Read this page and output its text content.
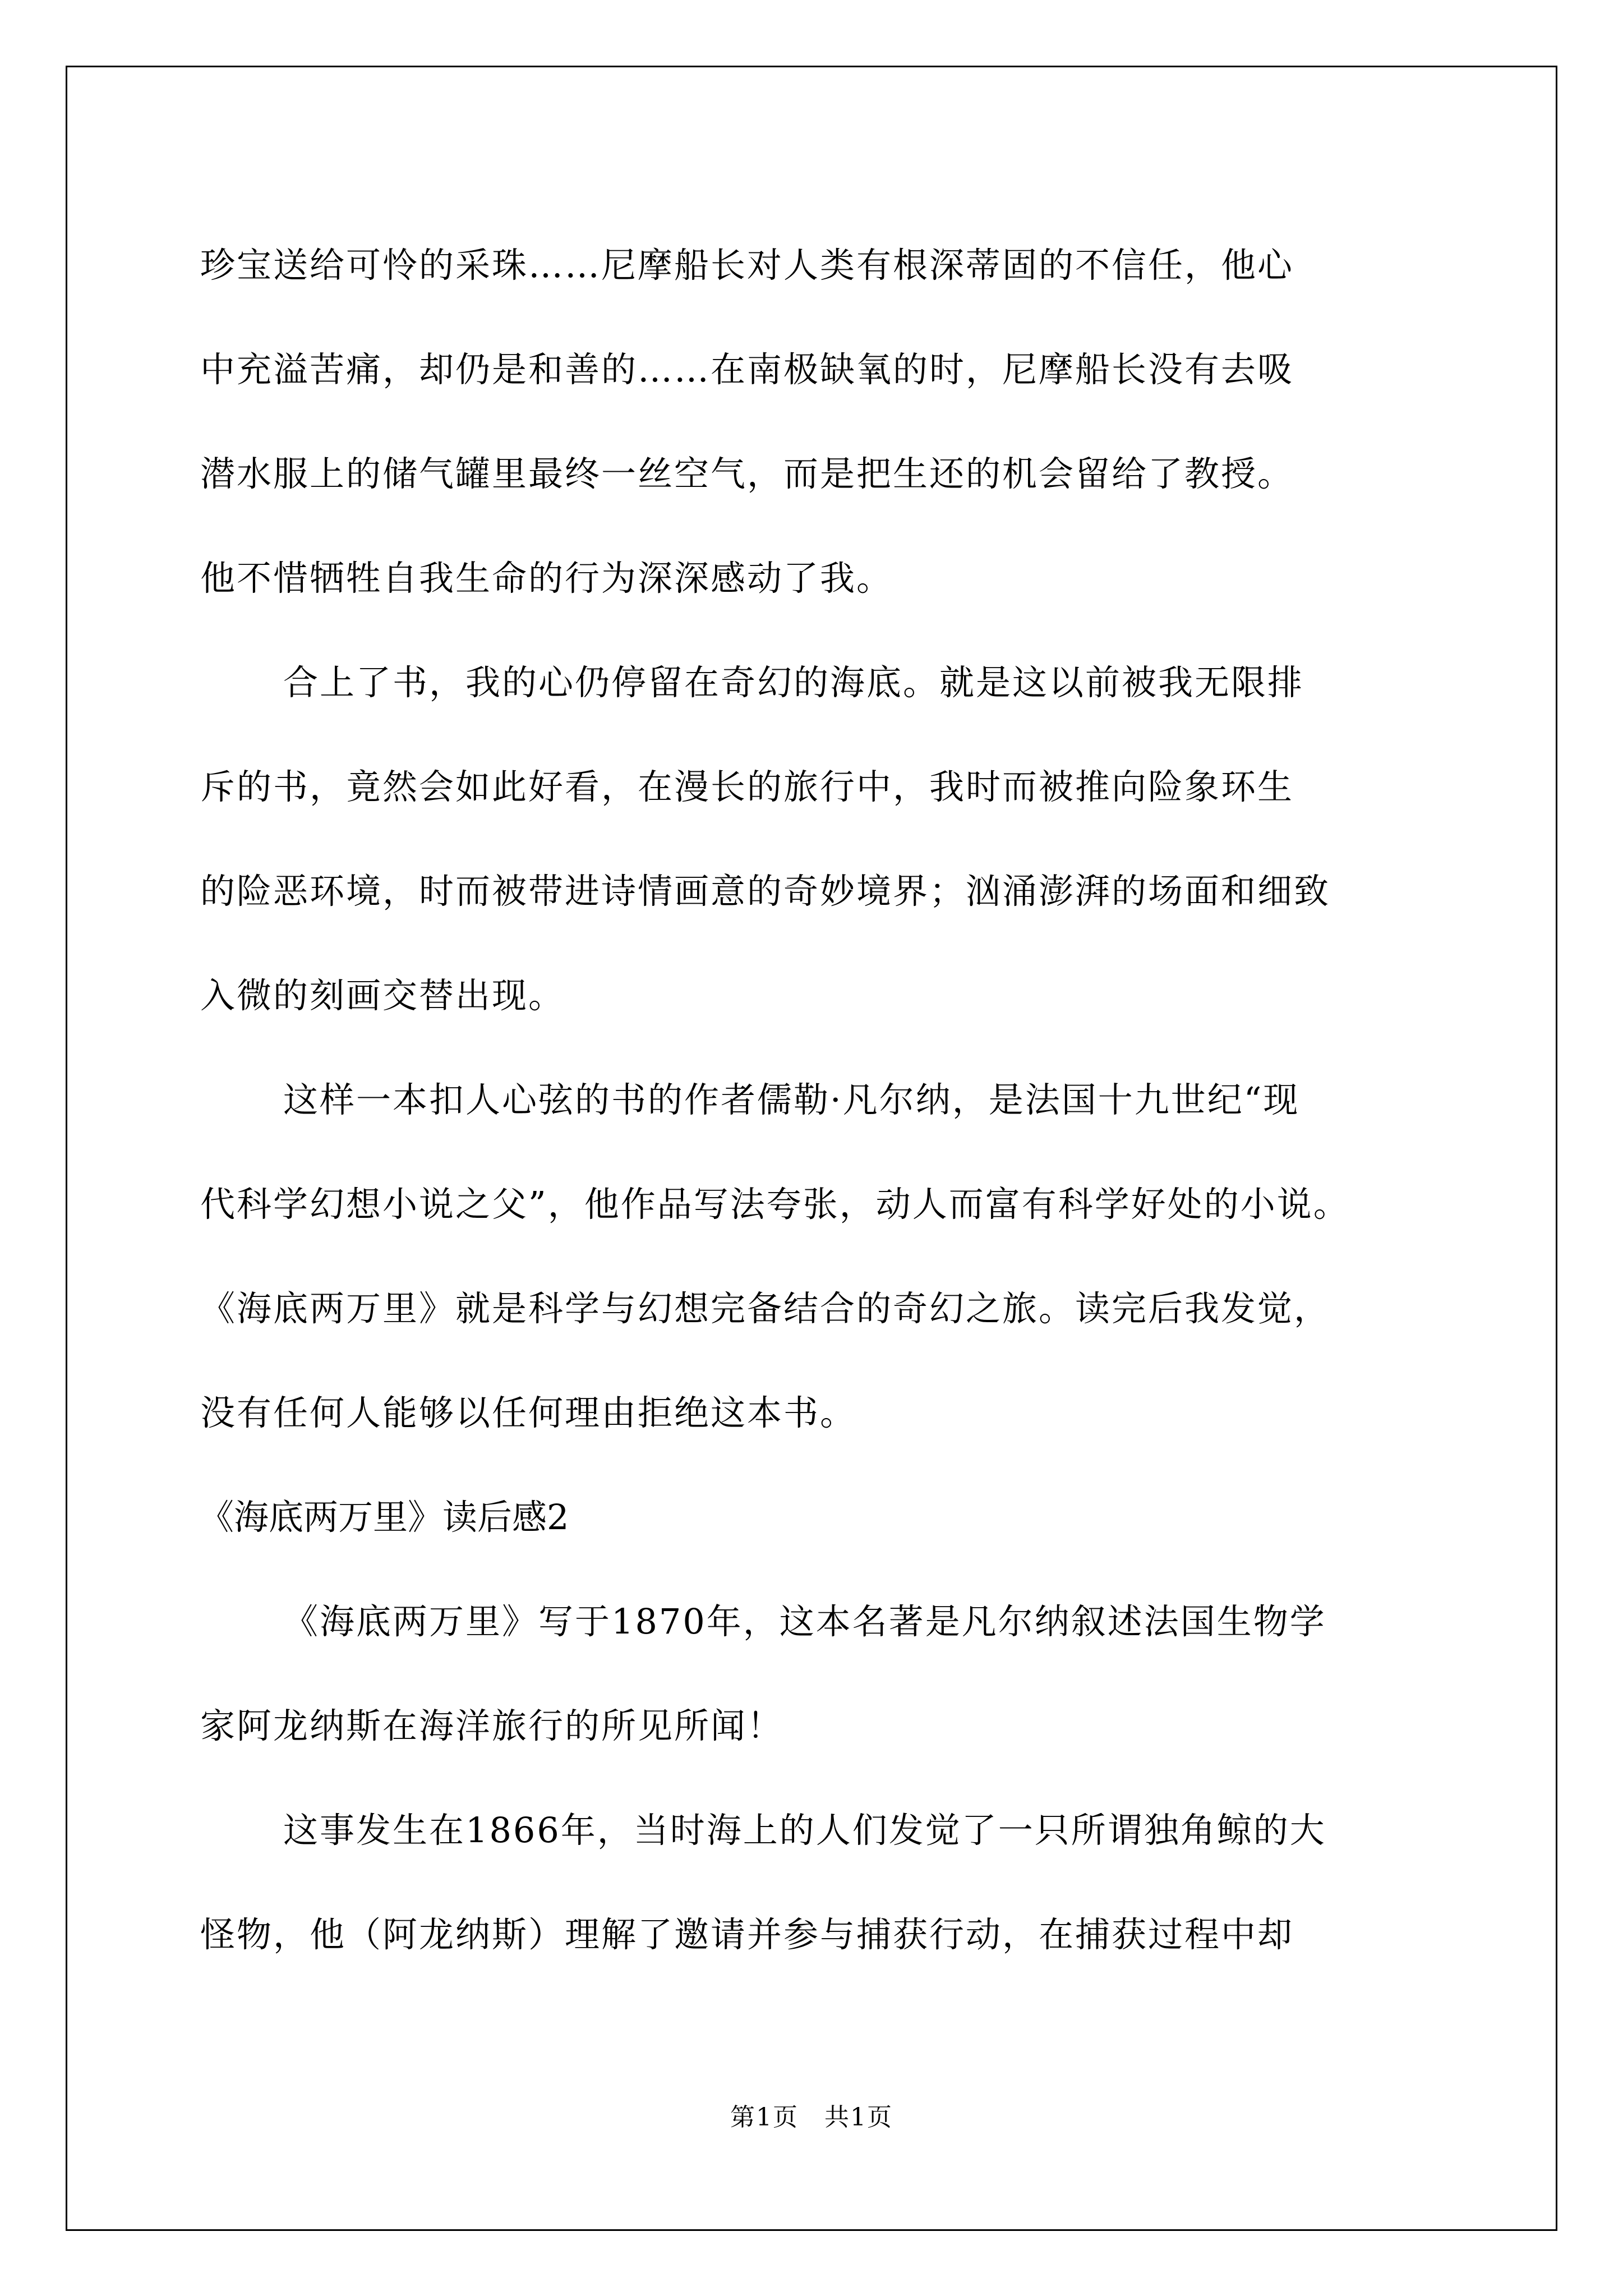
珍宝送给可怜的采珠……尼摩船长对人类有根深蒂固的不信任，他心
中充溢苦痛，却仍是和善的……在南极缺氧的时，尼摩船长没有去吸
潜水服上的储气罐里最终一丝空气，而是把生还的机会留给了教授。
他不惜牺牲自我生命的行为深深感动了我。
合上了书，我的心仍停留在奇幻的海底。就是这以前被我无限排
斥的书，竟然会如此好看，在漫长的旅行中，我时而被推向险象环生
的险恶环境，时而被带进诗情画意的奇妙境界；汹涌澎湃的场面和细致
入微的刻画交替出现。
这样一本扣人心弦的书的作者儒勒·凡尔纳，是法国十九世纪“现
代科学幻想小说之父”，他作品写法夸张，动人而富有科学好处的小说。
《海底两万里》就是科学与幻想完备结合的奇幻之旅。读完后我发觉，
没有任何人能够以任何理由拒绝这本书。
《海底两万里》读后感2
《海底两万里》写于1870年，这本名著是凡尔纳叙述法国生物学
家阿龙纳斯在海洋旅行的所见所闻！
这事发生在1866年，当时海上的人们发觉了一只所谓独角鲸的大
怪物，他（阿龙纳斯）理解了邀请并参与捕获行动，在捕获过程中却
第1页　共1页
